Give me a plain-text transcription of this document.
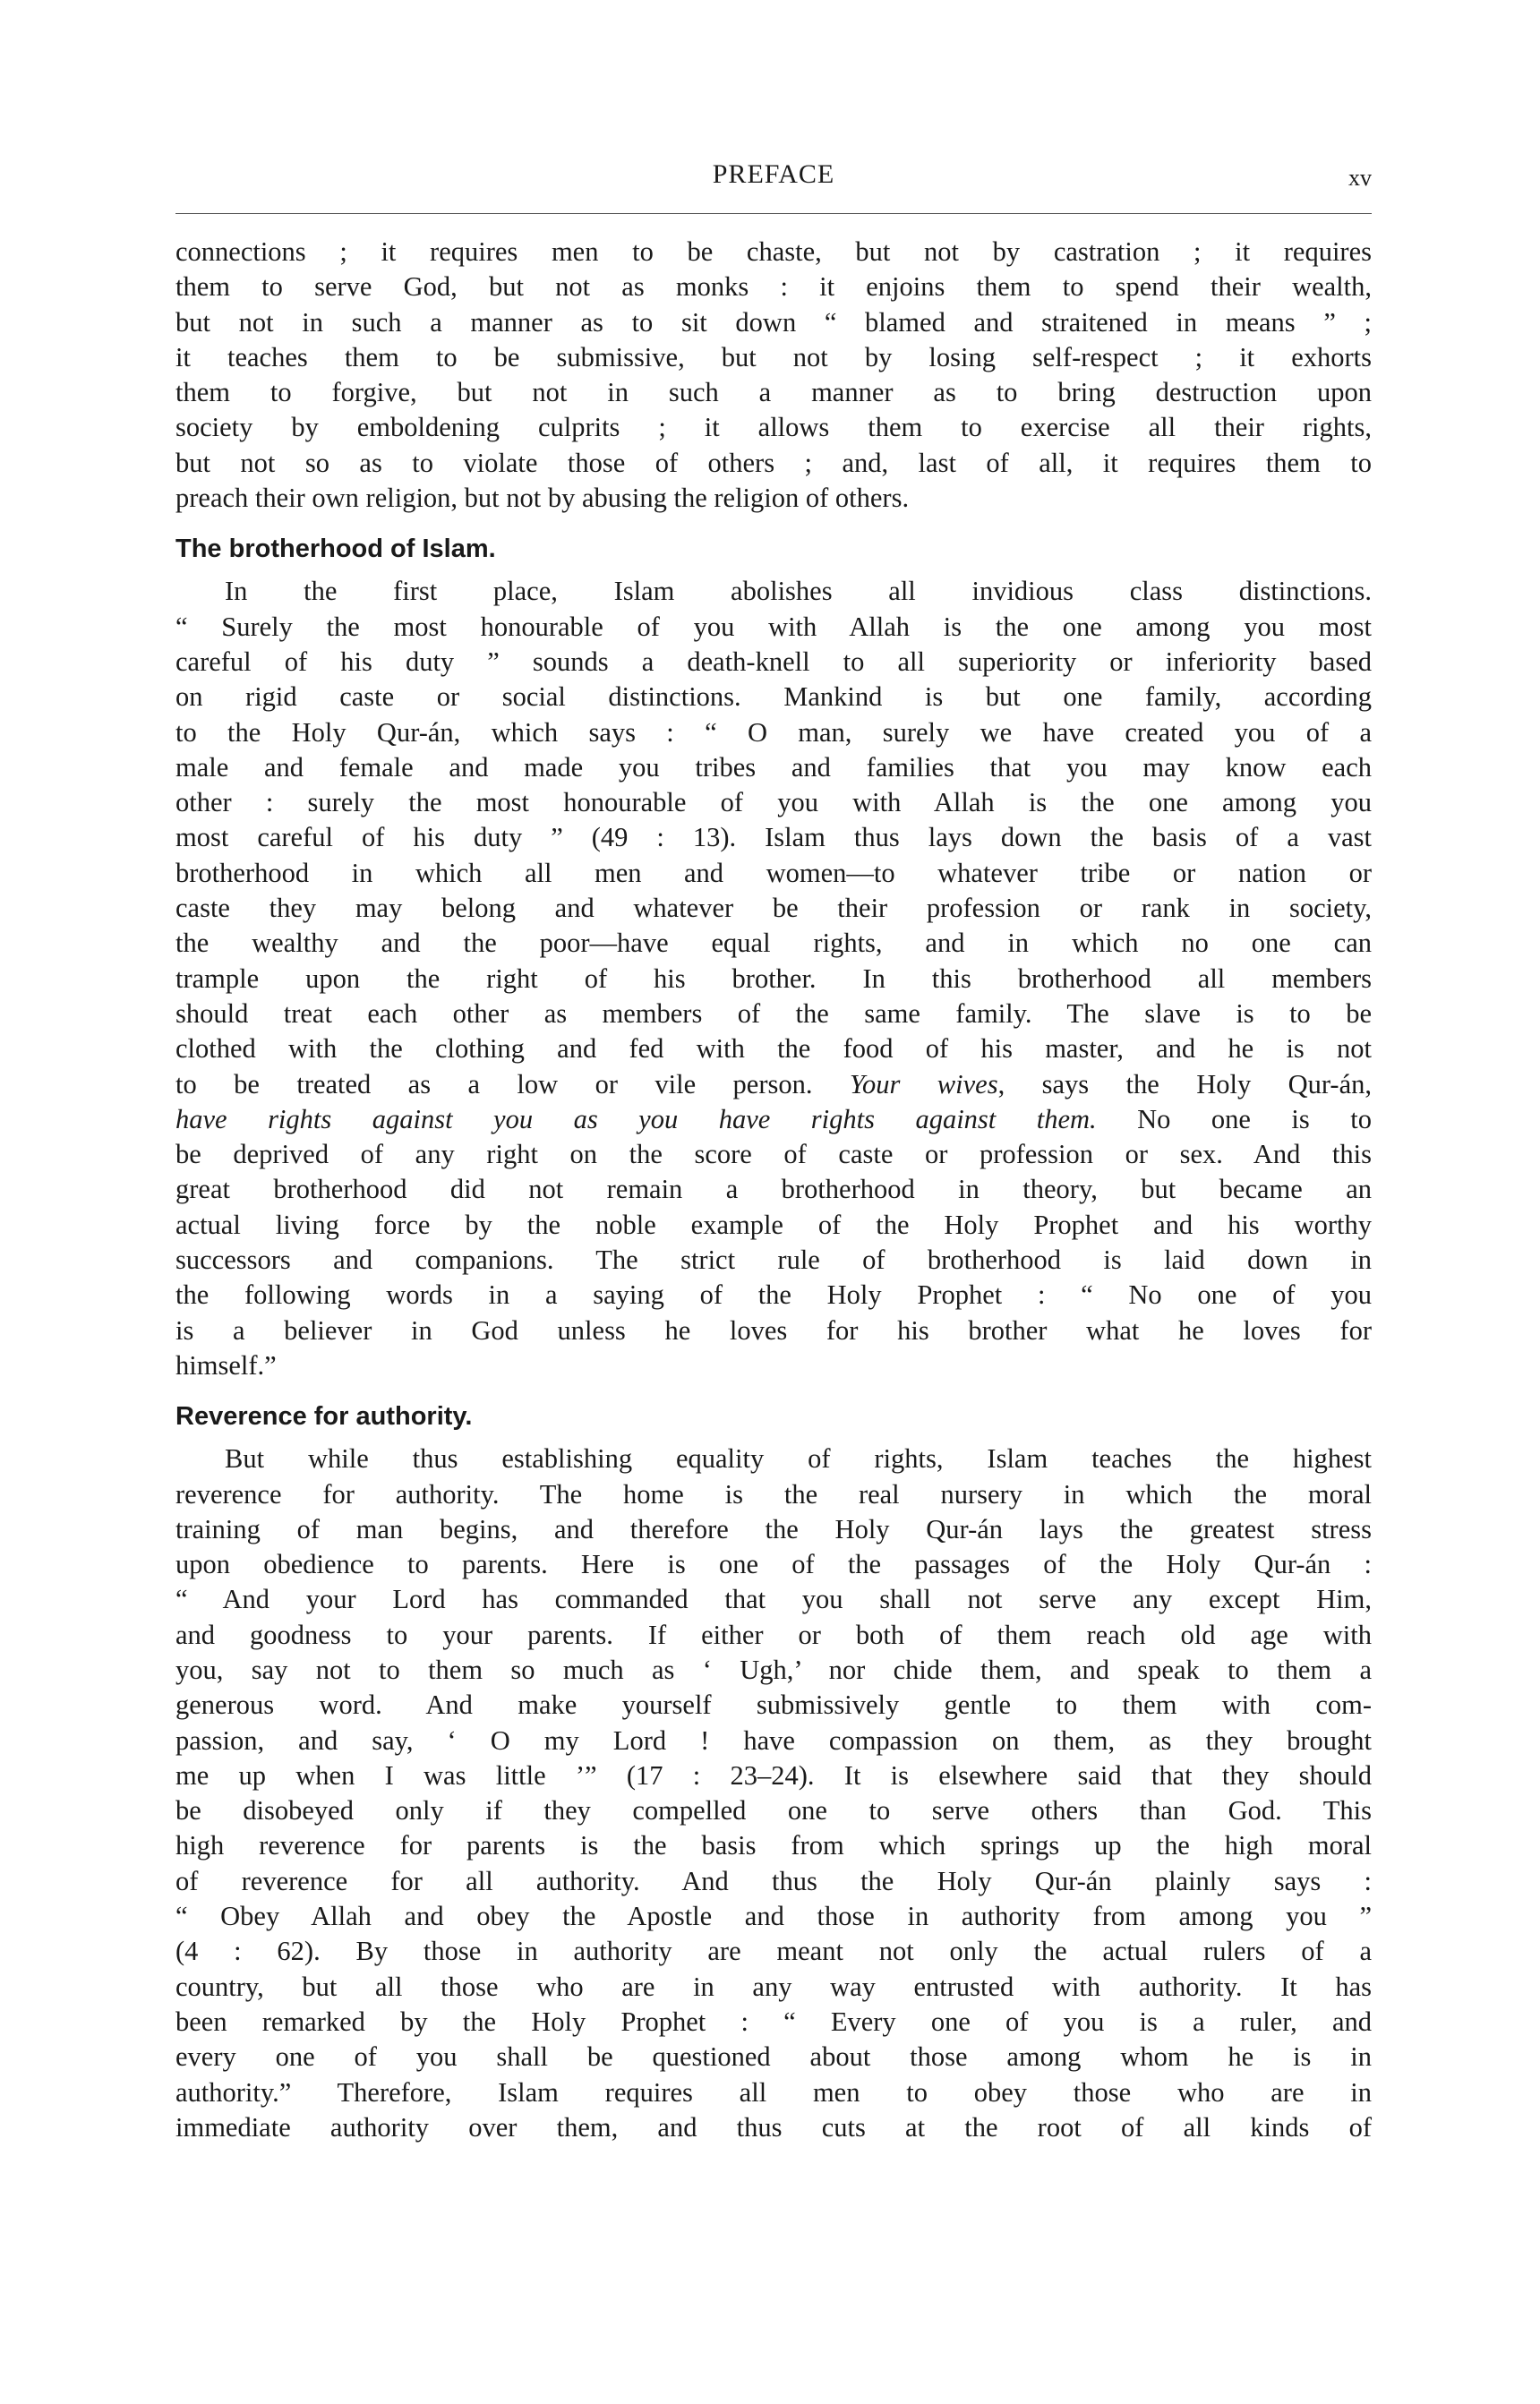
PREFACE	xv

connections ; it requires men to be chaste, but not by castration ; it requires
them to serve God, but not as monks : it enjoins them to spend their wealth,
but not in such a manner as to sit down “ blamed and straitened in means ” ;
it teaches them to be submissive, but not by losing self-respect ; it exhorts
them to forgive, but not in such a manner as to bring destruction upon
society by emboldening culprits ; it allows them to exercise all their rights,
but not so as to violate those of others ; and, last of all, it requires them to
preach their own religion, but not by abusing the religion of others.

The brotherhood of Islam.

In the first place, Islam abolishes all invidious class distinctions.
“ Surely the most honourable of you with Allah is the one among you most
careful of his duty ” sounds a death-knell to all superiority or inferiority based
on rigid caste or social distinctions. Mankind is but one family, according
to the Holy Qur-án, which says : “ O man, surely we have created you of a
male and female and made you tribes and families that you may know each
other : surely the most honourable of you with Allah is the one among you
most careful of his duty ” (49 : 13). Islam thus lays down the basis of a vast
brotherhood in which all men and women—to whatever tribe or nation or
caste they may belong and whatever be their profession or rank in society,
the wealthy and the poor—have equal rights, and in which no one can
trample upon the right of his brother. In this brotherhood all members
should treat each other as members of the same family. The slave is to be
clothed with the clothing and fed with the food of his master, and he is not
to be treated as a low or vile person. Your wives, says the Holy Qur-án,
have rights against you as you have rights against them. No one is to
be deprived of any right on the score of caste or profession or sex. And this
great brotherhood did not remain a brotherhood in theory, but became an
actual living force by the noble example of the Holy Prophet and his worthy
successors and companions. The strict rule of brotherhood is laid down in
the following words in a saying of the Holy Prophet : “ No one of you
is a believer in God unless he loves for his brother what he loves for
himself.”

Reverence for authority.

But while thus establishing equality of rights, Islam teaches the highest
reverence for authority. The home is the real nursery in which the moral
training of man begins, and therefore the Holy Qur-án lays the greatest stress
upon obedience to parents. Here is one of the passages of the Holy Qur-án :
“ And your Lord has commanded that you shall not serve any except Him,
and goodness to your parents. If either or both of them reach old age with
you, say not to them so much as ‘ Ugh,’ nor chide them, and speak to them a
generous word. And make yourself submissively gentle to them with com-
passion, and say, ‘ O my Lord ! have compassion on them, as they brought
me up when I was little ’” (17 : 23–24). It is elsewhere said that they should
be disobeyed only if they compelled one to serve others than God. This
high reverence for parents is the basis from which springs up the high moral
of reverence for all authority. And thus the Holy Qur-án plainly says :
“ Obey Allah and obey the Apostle and those in authority from among you ”
(4 : 62). By those in authority are meant not only the actual rulers of a
country, but all those who are in any way entrusted with authority. It has
been remarked by the Holy Prophet : “ Every one of you is a ruler, and
every one of you shall be questioned about those among whom he is in
authority.” Therefore, Islam requires all men to obey those who are in
immediate authority over them, and thus cuts at the root of all kinds of
